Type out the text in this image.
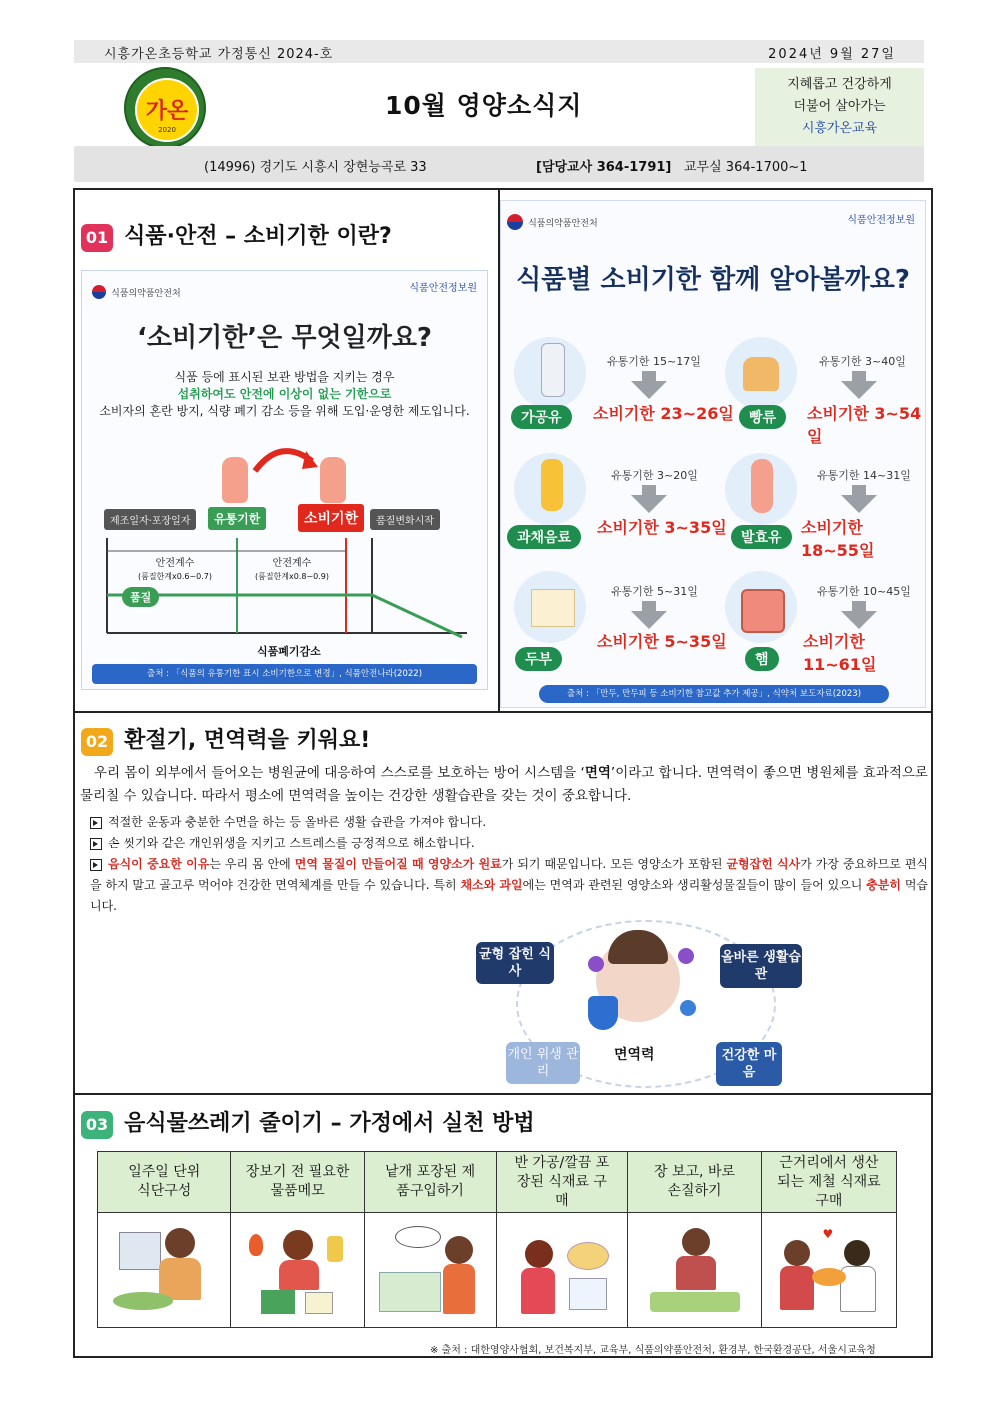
시흥가온초등학교 가정통신 2024-호	2024년 9월 27일
가온
2020
10월 영양소식지
지혜롭고 건강하게
더불어 살아가는
시흥가온교육
(14996) 경기도 시흥시 장현능곡로 33	[담당교사 364-1791] 교무실 364-1700~1
01 식품·안전 – 소비기한 이란?
식품의약품안전처	식품안전정보원
‘소비기한’은 무엇일까요?
식품 등에 표시된 보관 방법을 지키는 경우
섭취하여도 안전에 이상이 없는 기한으로
소비자의 혼란 방지, 식량 폐기 감소 등을 위해 도입·운영한 제도입니다.
제조일자·포장일자	유통기한	소비기한	품질변화시작
안전계수
(품질한계x0.6~0.7)
안전계수
(품질한계x0.8~0.9)
품질
식품폐기감소
출처 : 「식품의 유통기한 표시 소비기한으로 변경」, 식품안전나라(2022)
식품의약품안전처	식품안전정보원
식품별 소비기한 함께 알아볼까요?
가공유
유통기한 15~17일
소비기한 23~26일	빵류
유통기한 3~40일
소비기한 3~54일
과채음료
유통기한 3~20일
소비기한 3~35일
발효유
유통기한 14~31일
소비기한 18~55일
두부
유통기한 5~31일
소비기한 5~35일
햄
유통기한 10~45일
소비기한 11~61일
출처 : 「만두, 만두피 등 소비기한 참고값 추가 제공」, 식약처 보도자료(2023)
02 환절기, 면역력을 키워요!
우리 몸이 외부에서 들어오는 병원균에 대응하여 스스로를 보호하는 방어 시스템을 ‘면역’이라고 합니다. 면역력이 좋으면 병원체를 효과적으로 물리칠 수 있습니다. 따라서 평소에 면역력을 높이는 건강한 생활습관을 갖는 것이 중요합니다.
적절한 운동과 충분한 수면을 하는 등 올바른 생활 습관을 가져야 합니다.
손 씻기와 같은 개인위생을 지키고 스트레스를 긍정적으로 해소합니다.
음식이 중요한 이유는 우리 몸 안에 면역 물질이 만들어질 때 영양소가 원료가 되기 때문입니다. 모든 영양소가 포함된 균형잡힌 식사가 가장 중요하므로 편식을 하지 말고 골고루 먹어야 건강한 면역체계를 만들 수 있습니다. 특히 채소와 과일에는 면역과 관련된 영양소와 생리활성물질들이 많이 들어 있으니 충분히 먹습니다.
균형 잡힌 식사
올바른 생활습관
개인 위생 관리
건강한 마음
면역력
03 음식물쓰레기 줄이기 – 가정에서 실천 방법
일주일 단위 식단구성	장보기 전 필요한 물품메모	낱개 포장된 제품구입하기	반 가공/깔끔 포장된 식재료 구매	장 보고, 바로 손질하기	근거리에서 생산되는 제철 식재료 구매

					♥
※ 출처 : 대한영양사협회, 보건복지부, 교육부, 식품의약품안전처, 환경부, 한국환경공단, 서울시교육청
